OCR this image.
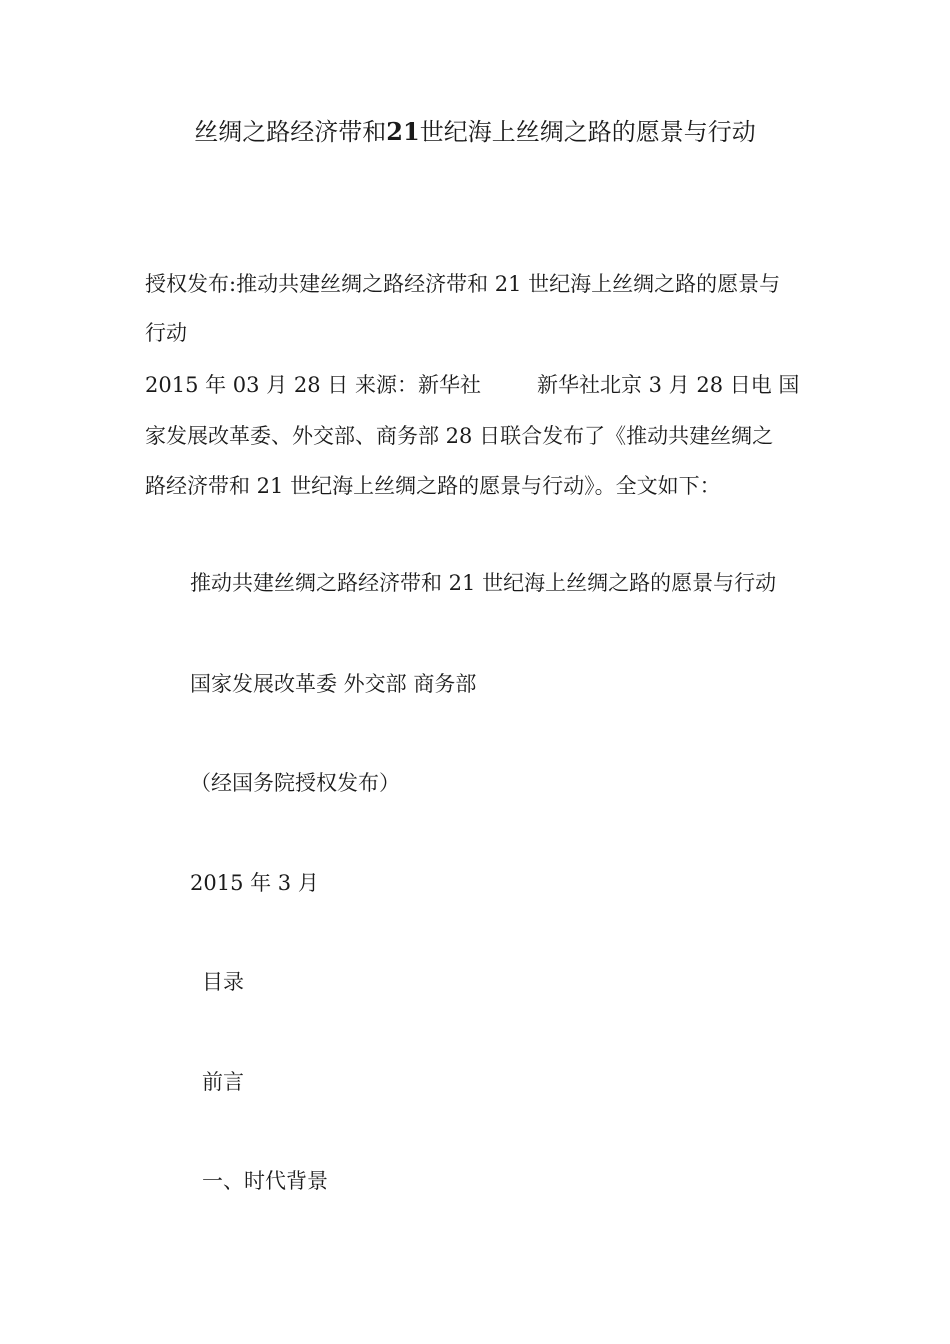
丝绸之路经济带和21世纪海上丝绸之路的愿景与行动
授权发布:推动共建丝绸之路经济带和 21 世纪海上丝绸之路的愿景与
行动
2015 年 03 月 28 日 来源：新华社	新华社北京 3 月 28 日电 国
家发展改革委、外交部、商务部 28 日联合发布了《推动共建丝绸之
路经济带和 21 世纪海上丝绸之路的愿景与行动》。全文如下：
推动共建丝绸之路经济带和 21 世纪海上丝绸之路的愿景与行动
国家发展改革委 外交部 商务部
（经国务院授权发布）
2015 年 3 月
目录
前言
一、时代背景
